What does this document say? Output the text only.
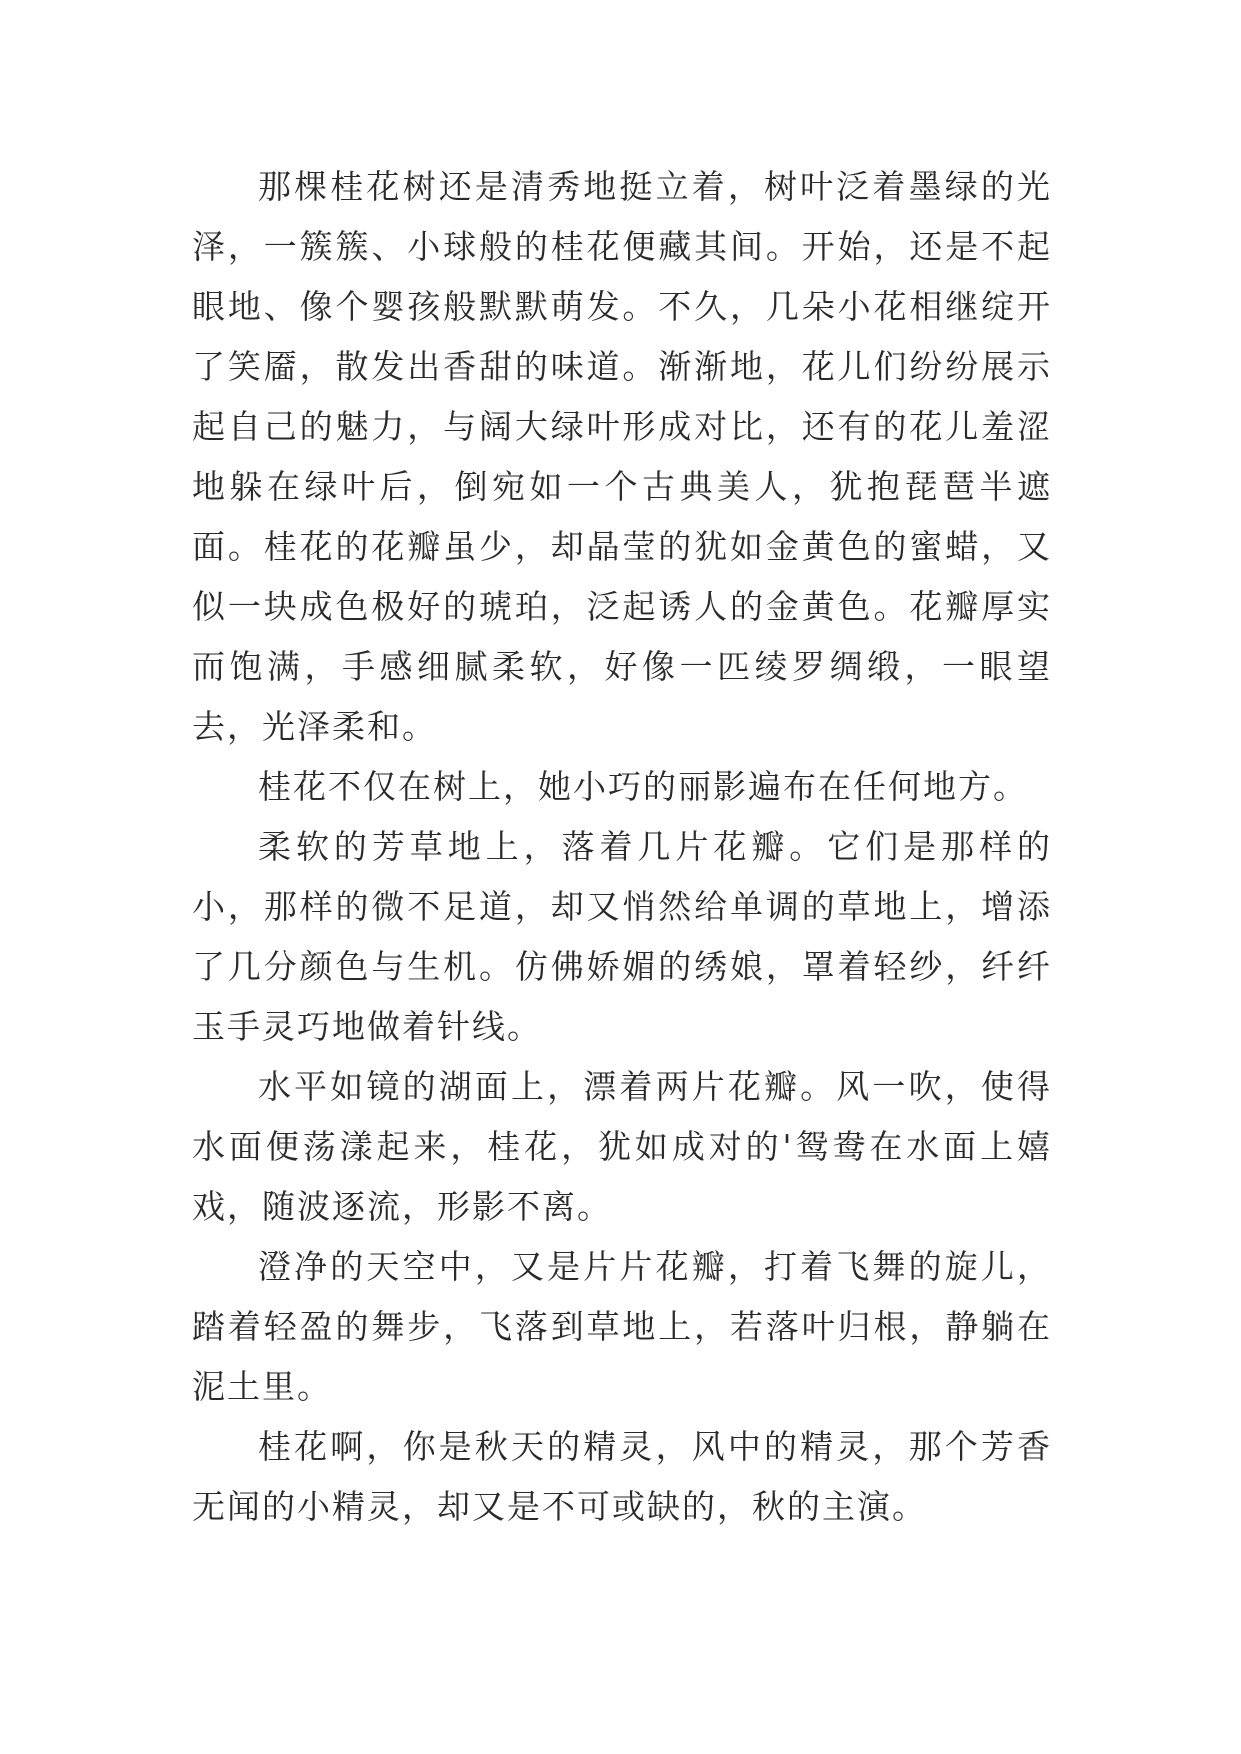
那棵桂花树还是清秀地挺立着，树叶泛着墨绿的光泽，一簇簇、小球般的桂花便藏其间。开始，还是不起眼地、像个婴孩般默默萌发。不久，几朵小花相继绽开了笑靥，散发出香甜的味道。渐渐地，花儿们纷纷展示起自己的魅力，与阔大绿叶形成对比，还有的花儿羞涩地躲在绿叶后，倒宛如一个古典美人，犹抱琵琶半遮面。桂花的花瓣虽少，却晶莹的犹如金黄色的蜜蜡，又似一块成色极好的琥珀，泛起诱人的金黄色。花瓣厚实而饱满，手感细腻柔软，好像一匹绫罗绸缎，一眼望去，光泽柔和。

桂花不仅在树上，她小巧的丽影遍布在任何地方。

柔软的芳草地上，落着几片花瓣。它们是那样的小，那样的微不足道，却又悄然给单调的草地上，增添了几分颜色与生机。仿佛娇媚的绣娘，罩着轻纱，纤纤玉手灵巧地做着针线。

水平如镜的湖面上，漂着两片花瓣。风一吹，使得水面便荡漾起来，桂花，犹如成对的'鸳鸯在水面上嬉戏，随波逐流，形影不离。

澄净的天空中，又是片片花瓣，打着飞舞的旋儿，踏着轻盈的舞步，飞落到草地上，若落叶归根，静躺在泥土里。

桂花啊，你是秋天的精灵，风中的精灵，那个芳香无闻的小精灵，却又是不可或缺的，秋的主演。
